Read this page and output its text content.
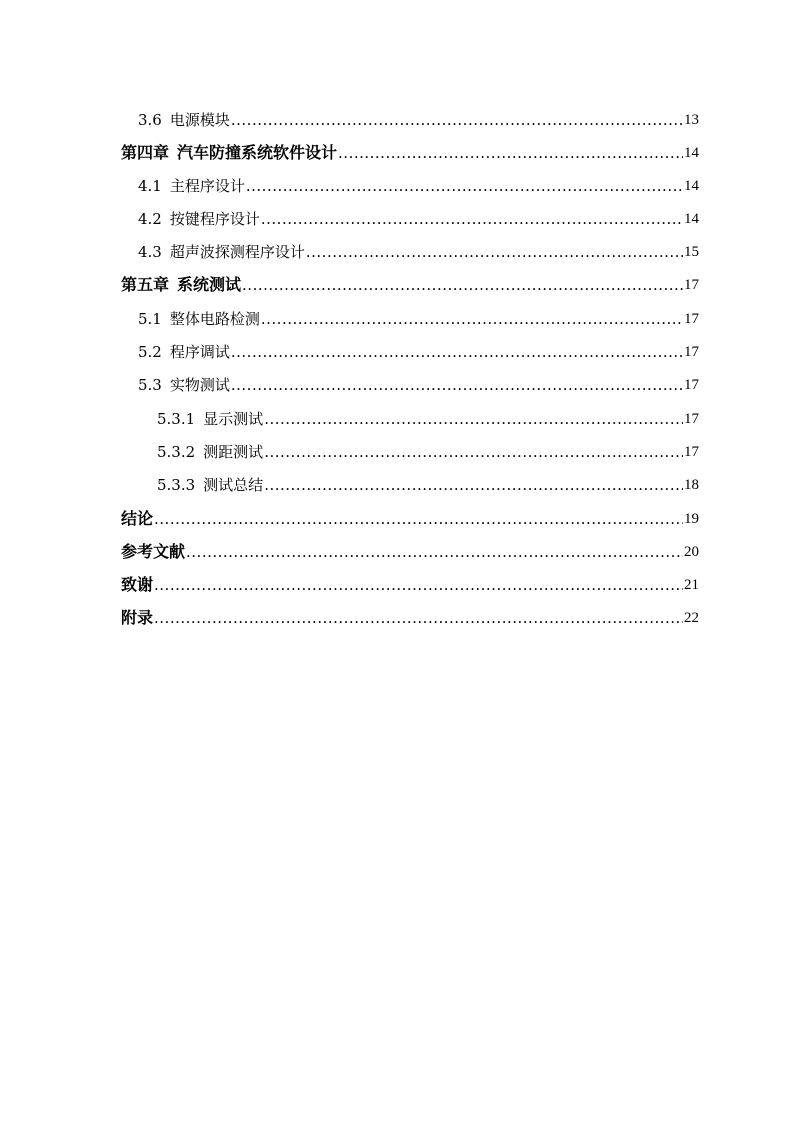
3.6 电源模块 .....	13
第四章 汽车防撞系统软件设计 .....	14
4.1 主程序设计 .....	14
4.2 按键程序设计 .....	14
4.3 超声波探测程序设计 .....	15
第五章 系统测试 .....	17
5.1 整体电路检测 .....	17
5.2 程序调试 .....	17
5.3 实物测试 .....	17
5.3.1 显示测试 .....	17
5.3.2 测距测试 .....	17
5.3.3 测试总结 .....	18
结论 .....	19
参考文献 .....	20
致谢 .....	21
附录 .....	22
